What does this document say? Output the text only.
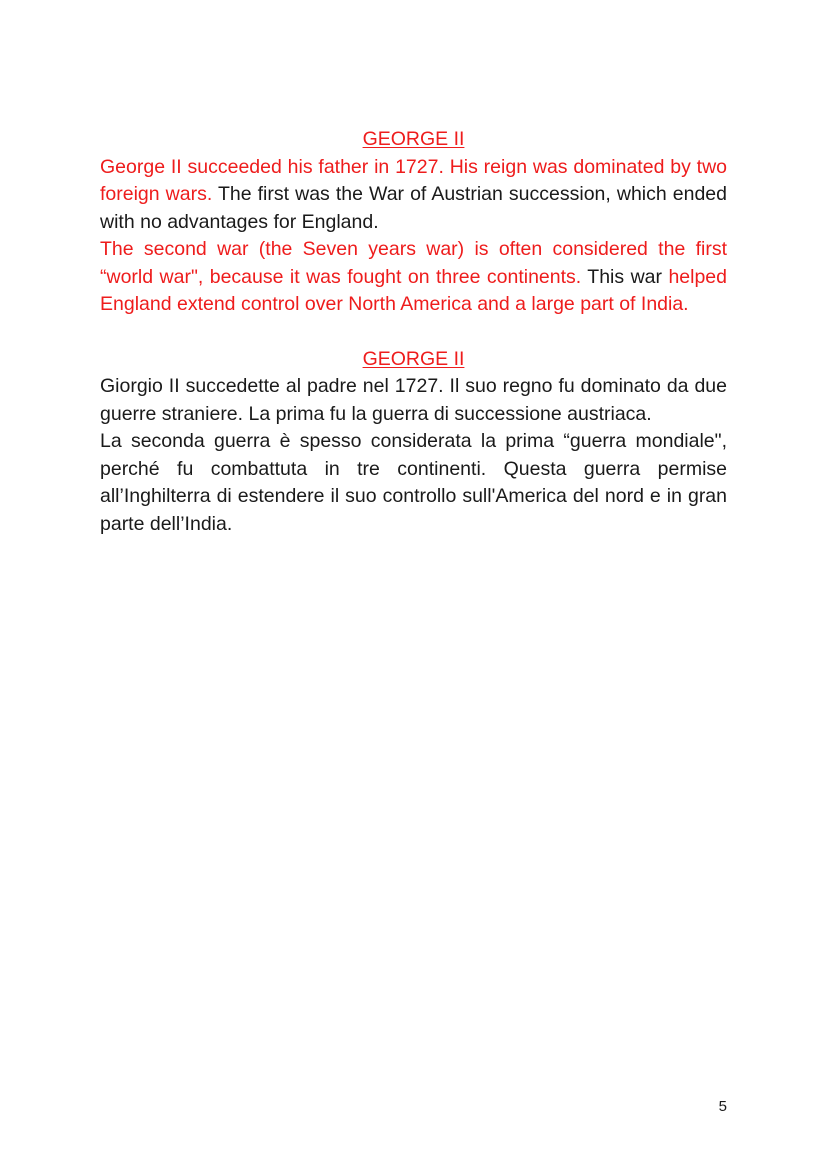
GEORGE II

George II succeeded his father in 1727. His reign was dominated by two foreign wars. The first was the War of Austrian succession, which ended with no advantages for England.

The second war (the Seven years war) is often considered the first “world war", because it was fought on three continents. This war helped England extend control over North America and a large part of India.

GEORGE II

Giorgio II succedette al padre nel 1727. Il suo regno fu dominato da due guerre straniere. La prima fu la guerra di successione austriaca.

La seconda guerra è spesso considerata la prima “guerra mondiale", perché fu combattuta in tre continenti. Questa guerra permise all’Inghilterra di estendere il suo controllo sull'America del nord e in gran parte dell’India.

5
